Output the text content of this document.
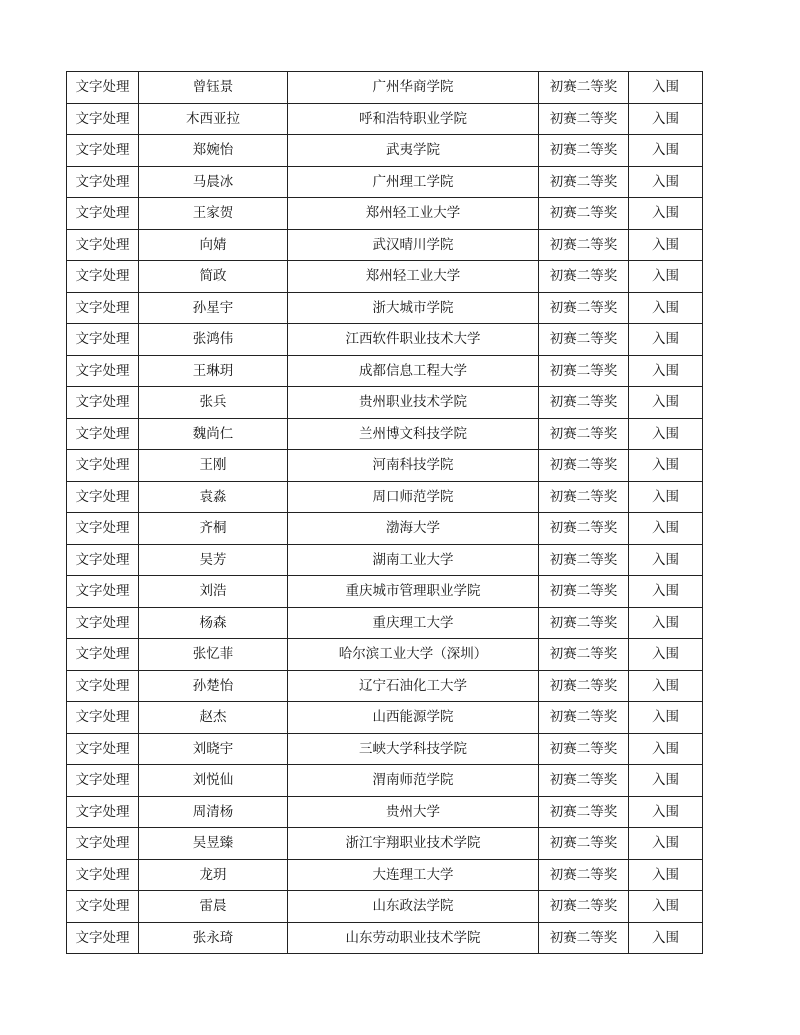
文字处理	曾钰景	广州华商学院	初赛二等奖	入围
文字处理	木西亚拉	呼和浩特职业学院	初赛二等奖	入围
文字处理	郑婉怡	武夷学院	初赛二等奖	入围
文字处理	马晨冰	广州理工学院	初赛二等奖	入围
文字处理	王家贺	郑州轻工业大学	初赛二等奖	入围
文字处理	向婧	武汉晴川学院	初赛二等奖	入围
文字处理	简政	郑州轻工业大学	初赛二等奖	入围
文字处理	孙星宇	浙大城市学院	初赛二等奖	入围
文字处理	张鸿伟	江西软件职业技术大学	初赛二等奖	入围
文字处理	王琳玥	成都信息工程大学	初赛二等奖	入围
文字处理	张兵	贵州职业技术学院	初赛二等奖	入围
文字处理	魏尚仁	兰州博文科技学院	初赛二等奖	入围
文字处理	王刚	河南科技学院	初赛二等奖	入围
文字处理	袁淼	周口师范学院	初赛二等奖	入围
文字处理	齐桐	渤海大学	初赛二等奖	入围
文字处理	吴芳	湖南工业大学	初赛二等奖	入围
文字处理	刘浩	重庆城市管理职业学院	初赛二等奖	入围
文字处理	杨森	重庆理工大学	初赛二等奖	入围
文字处理	张忆菲	哈尔滨工业大学（深圳）	初赛二等奖	入围
文字处理	孙楚怡	辽宁石油化工大学	初赛二等奖	入围
文字处理	赵杰	山西能源学院	初赛二等奖	入围
文字处理	刘晓宇	三峡大学科技学院	初赛二等奖	入围
文字处理	刘悦仙	渭南师范学院	初赛二等奖	入围
文字处理	周清杨	贵州大学	初赛二等奖	入围
文字处理	吴昱臻	浙江宇翔职业技术学院	初赛二等奖	入围
文字处理	龙玥	大连理工大学	初赛二等奖	入围
文字处理	雷晨	山东政法学院	初赛二等奖	入围
文字处理	张永琦	山东劳动职业技术学院	初赛二等奖	入围
